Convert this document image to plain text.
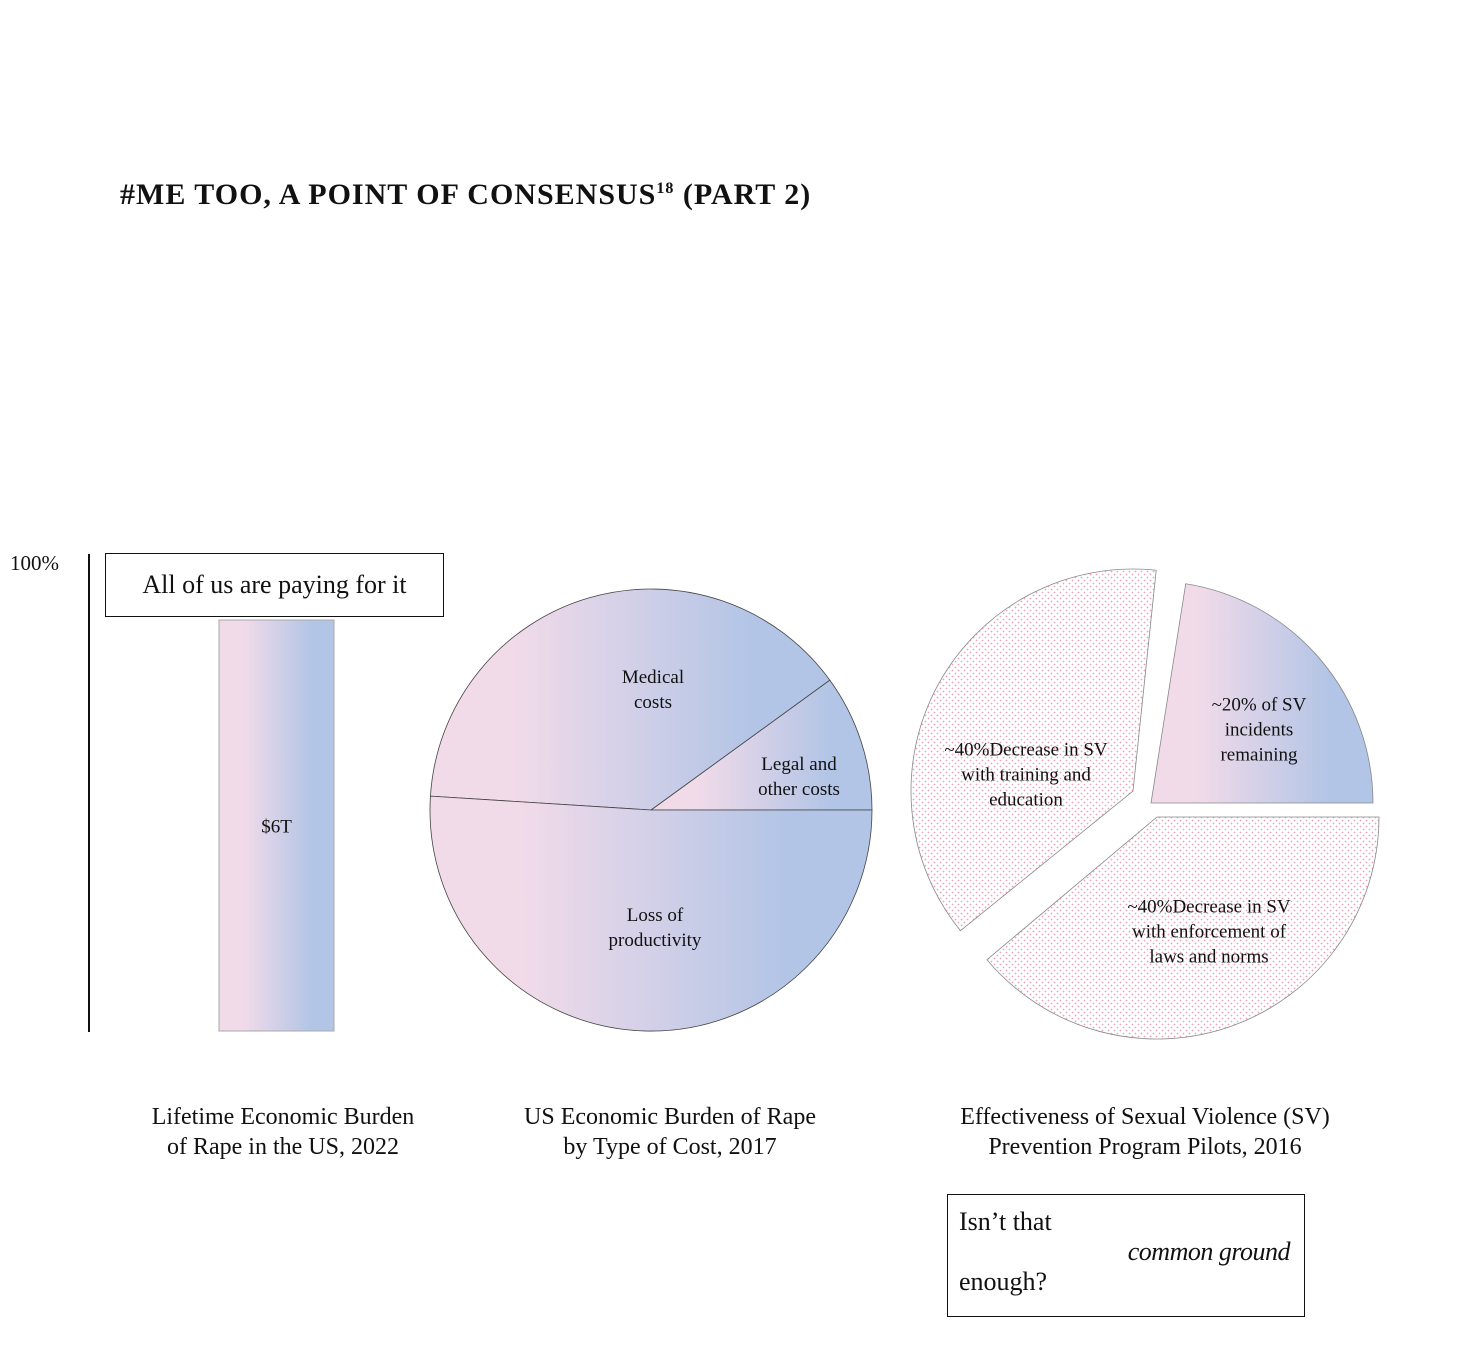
#ME TOO, A POINT OF CONSENSUS$^{18}$ (PART 2)
100%
$6T
Loss of
productivity
Medical
costs
Legal and
other costs
~20% of SV
incidents
remaining
~40%Decrease in SV
with enforcement of
laws and norms
~40%Decrease in SV
with training and
education
All of us are paying for it
Lifetime Economic Burden
of Rape in the US, 2022
US Economic Burden of Rape
by Type of Cost, 2017
Effectiveness of Sexual Violence (SV)
Prevention Program Pilots, 2016
Isn’t that
common ground
enough?
